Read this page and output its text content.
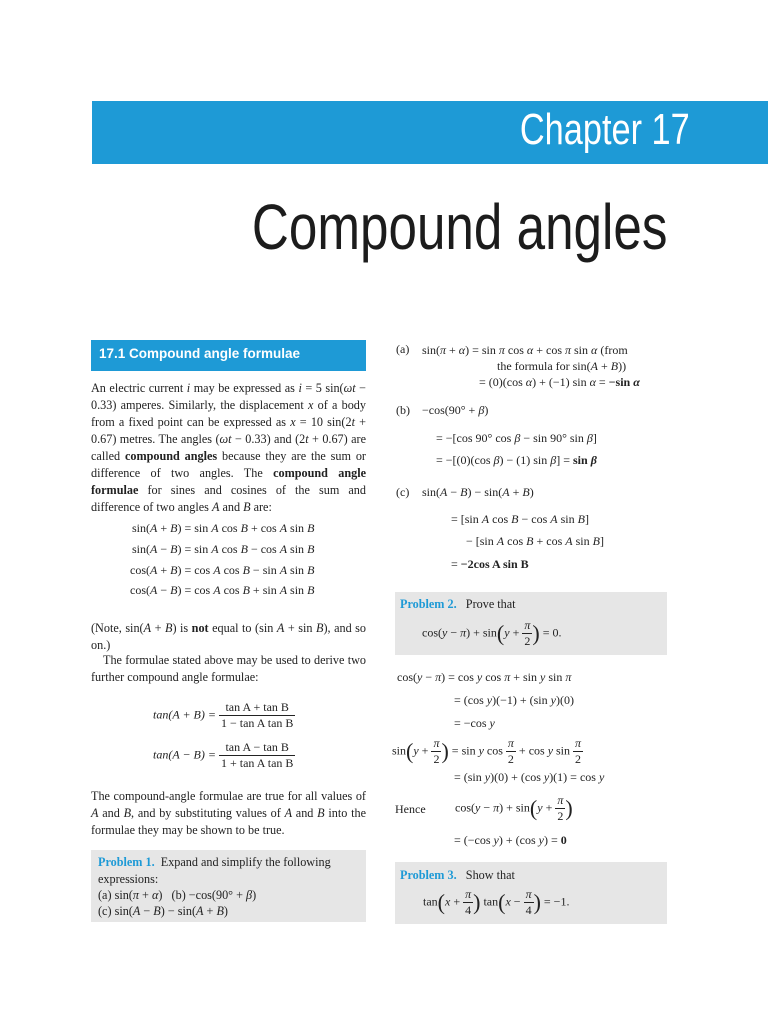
Chapter 17
Compound angles
17.1 Compound angle formulae
An electric current i may be expressed as i = 5 sin(ωt − 0.33) amperes. Similarly, the displacement x of a body from a fixed point can be expressed as x = 10 sin(2t + 0.67) metres. The angles (ωt − 0.33) and (2t + 0.67) are called compound angles because they are the sum or difference of two angles. The compound angle formulae for sines and cosines of the sum and difference of two angles A and B are:
sin(A + B) = sin A cos B + cos A sin B
sin(A − B) = sin A cos B − cos A sin B
cos(A + B) = cos A cos B − sin A sin B
cos(A − B) = cos A cos B + sin A sin B
(Note, sin(A + B) is not equal to (sin A + sin B), and so on.)
The formulae stated above may be used to derive two further compound angle formulae:
$\tan(A + B) = \frac{\text{tan A + tan B}}{\text{1 − tan A tan B}}$
$\tan(A - B) = \frac{\text{tan A − tan B}}{\text{1 + tan A tan B}}$
The compound-angle formulae are true for all values of A and B, and by substituting values of A and B into the formulae they may be shown to be true.
Problem 1. Expand and simplify the following expressions:
(a) sin(π + α)   (b) −cos(90° + β)
(c) sin(A − B) − sin(A + B)
(a) sin(π + α) = sin π cos α + cos π sin α (from
the formula for sin(A + B))
= (0)(cos α) + (−1) sin α = −sin α
(b) −cos(90° + β)
= −[cos 90° cos β − sin 90° sin β]
= −[(0)(cos β) − (1) sin β] = sin β
(c) sin(A − B) − sin(A + B)
= [sin A cos B − cos A sin B]
− [sin A cos B + cos A sin B]
= −2cos A sin B
Problem 2. Prove that
$\cos(y - \pi) + \sin(y + \frac{\pi}{2}$ ) = 0.
cos(y − π) = cos y cos π + sin y sin π
= (cos y)(−1) + (sin y)(0)
= −cos y
$\sin(y + \frac{\pi}{2}$ ) = sin y $\cos \frac{\pi}{2} + \cos y$ $\sin \frac{\pi}{2}$
= (sin y)(0) + (cos y)(1) = cos y
Hence $\cos(y - \pi) + \sin(y + \frac{\pi}{2}$ )
= (−cos y) + (cos y) = 0
Problem 3. Show that
$\tan(x + \frac{\pi}{4}$ ) $\tan(x - \frac{\pi}{4}$ ) = −1.
